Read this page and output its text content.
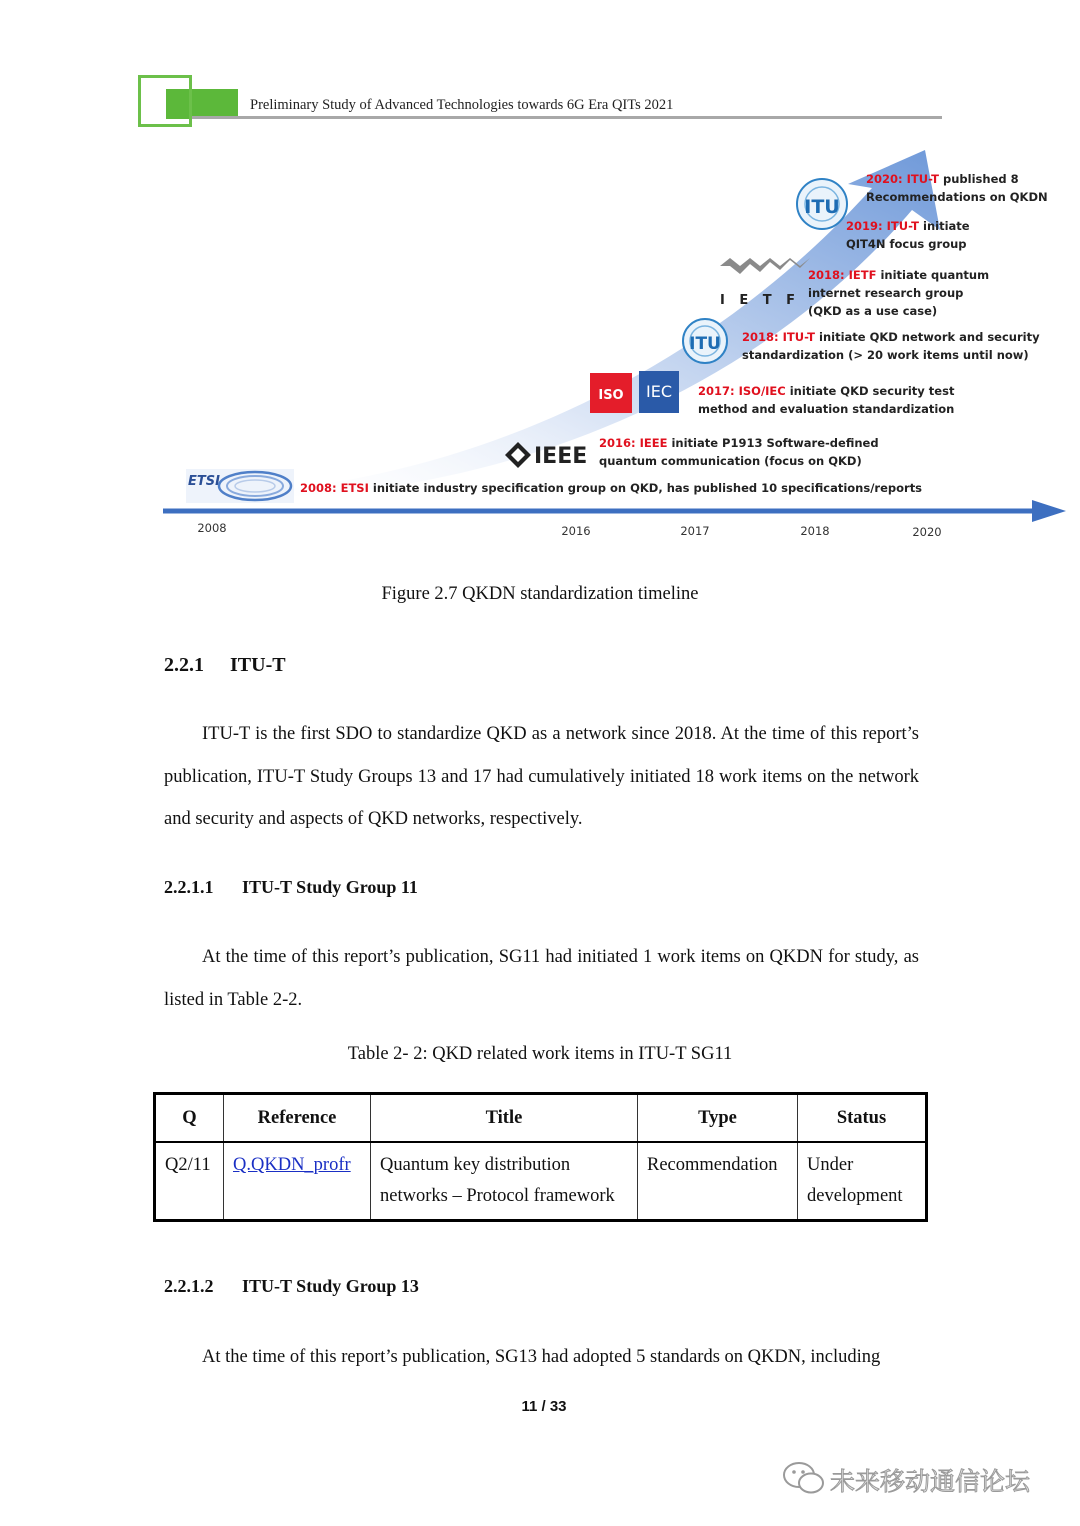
Preliminary Study of Advanced Technologies towards 6G Era QITs 2021
2008	2016	2017	2018	2020
ETSI
IEEE
ISO IEC
ITU
I E T F
ITU
2008: ETSI initiate industry specification group on QKD, has published 10 specifications/reports
2016: IEEE initiate P1913 Software-defined
quantum communication (focus on QKD)
2017: ISO/IEC initiate QKD security test
method and evaluation standardization
2018: ITU-T initiate QKD network and security
standardization (> 20 work items until now)
2018: IETF initiate quantum
internet research group
(QKD as a use case)
2019: ITU-T initiate
QIT4N focus group
2020: ITU-T published 8
Recommendations on QKDN
Figure 2.7 QKDN standardization timeline
2.2.1 ITU-T
ITU-T is the first SDO to standardize QKD as a network since 2018. At the time of this report’s publication, ITU-T Study Groups 13 and 17 had cumulatively initiated 18 work items on the network and security and aspects of QKD networks, respectively.
2.2.1.1 ITU-T Study Group 11
At the time of this report’s publication, SG11 had initiated 1 work items on QKDN for study, as listed in Table 2-2.
Table 2- 2: QKD related work items in ITU-T SG11
Q	Reference	Title	Type	Status
Q2/11	Q.QKDN_profr	Quantum key distribution networks – Protocol framework	Recommendation	Under development
2.2.1.2 ITU-T Study Group 13
At the time of this report’s publication, SG13 had adopted 5 standards on QKDN, including
11 / 33
未来移动通信论坛
